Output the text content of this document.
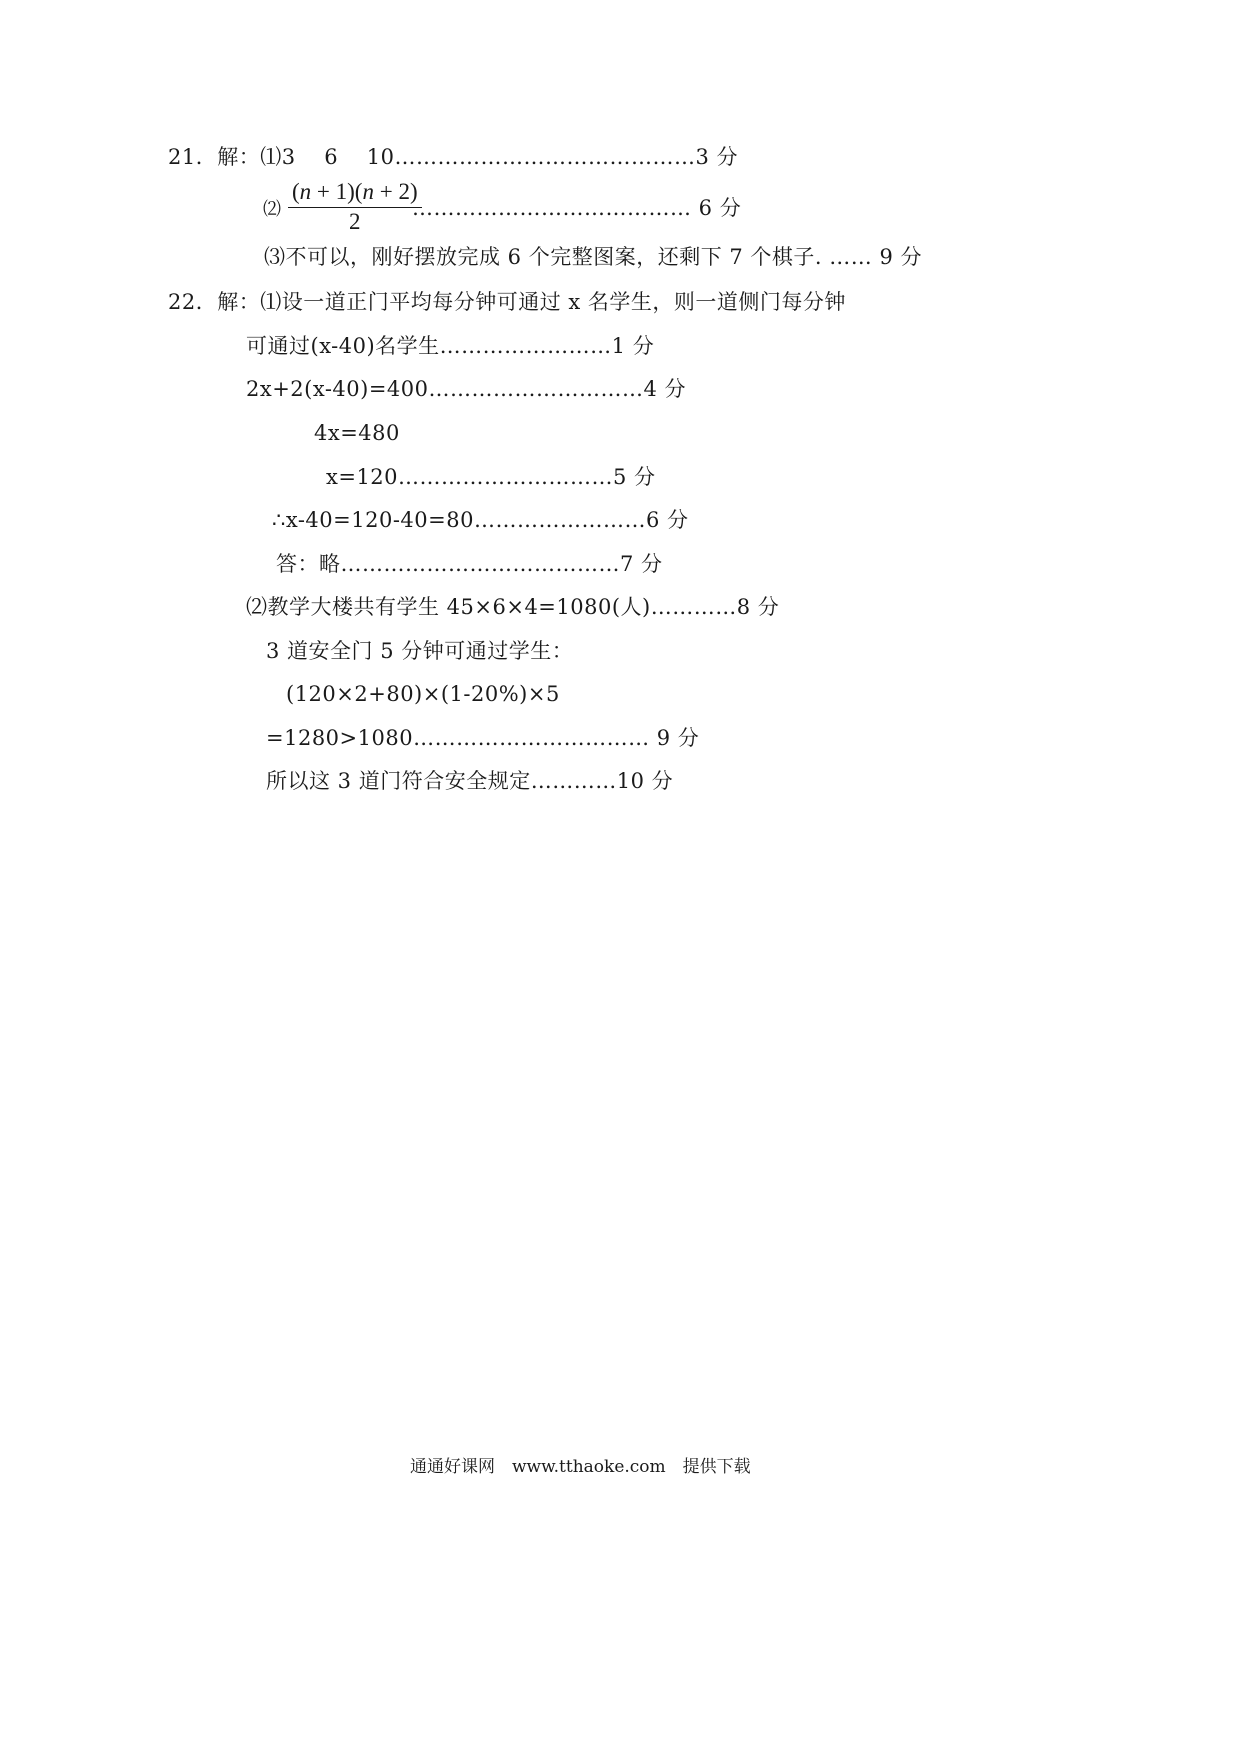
21．解：⑴3　 6　 10……………………………………3 分
⑵ $\frac{(n + 1)(n + 2)}{2}$
………………………………… 6 分
⑶不可以，刚好摆放完成 6 个完整图案，还剩下 7 个棋子. …… 9 分
22．解：⑴设一道正门平均每分钟可通过 x 名学生，则一道侧门每分钟
可通过(x-40)名学生……………………1 分
2x+2(x-40)=400…………………………4 分
4x=480
x=120…………………………5 分
∴x-40=120-40=80……………………6 分
答：略…………………………………7 分
⑵教学大楼共有学生 45×6×4=1080(人)…………8 分
3 道安全门 5 分钟可通过学生：
(120×2+80)×(1-20%)×5
=1280>1080…………………………… 9 分
所以这 3 道门符合安全规定…………10 分
通通好课网　www.tthaoke.com　提供下载
